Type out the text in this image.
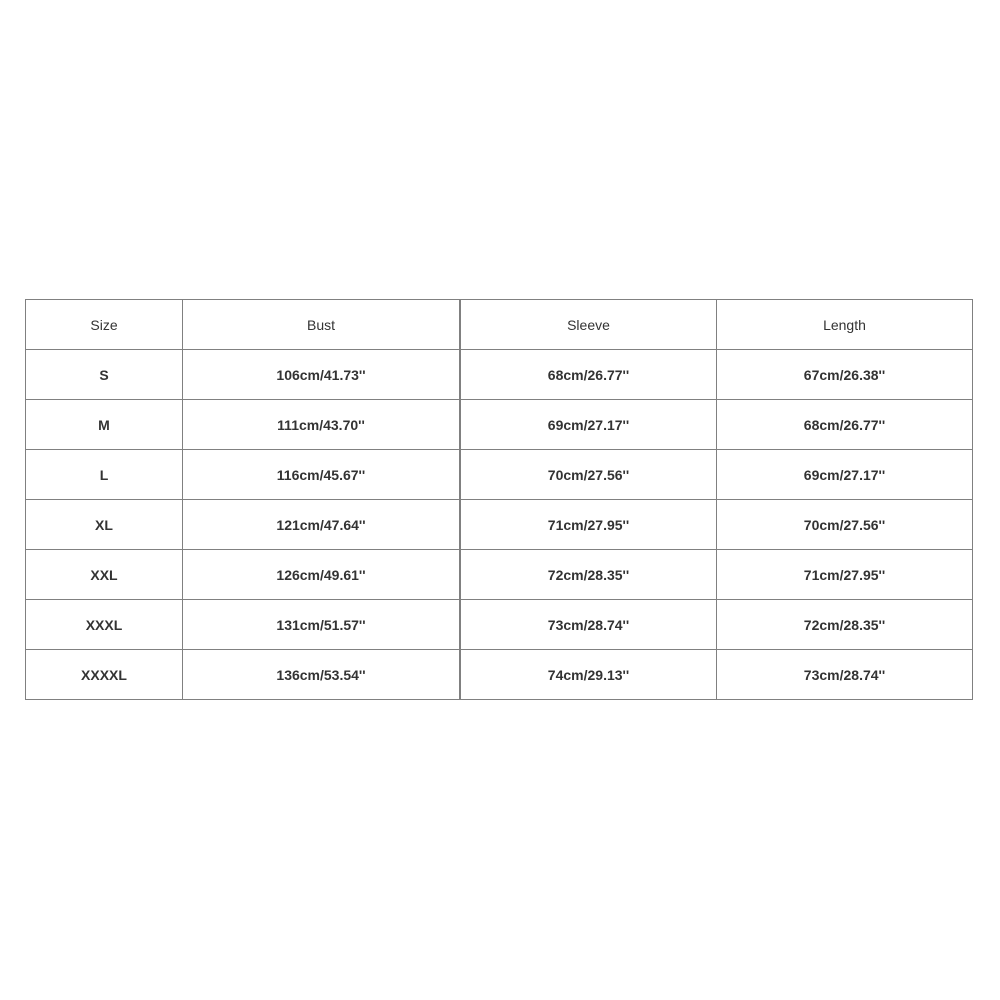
Size	Bust	Sleeve	Length
S	106cm/41.73''	68cm/26.77''	67cm/26.38''
M	111cm/43.70''	69cm/27.17''	68cm/26.77''
L	116cm/45.67''	70cm/27.56''	69cm/27.17''
XL	121cm/47.64''	71cm/27.95''	70cm/27.56''
XXL	126cm/49.61''	72cm/28.35''	71cm/27.95''
XXXL	131cm/51.57''	73cm/28.74''	72cm/28.35''
XXXXL	136cm/53.54''	74cm/29.13''	73cm/28.74''
